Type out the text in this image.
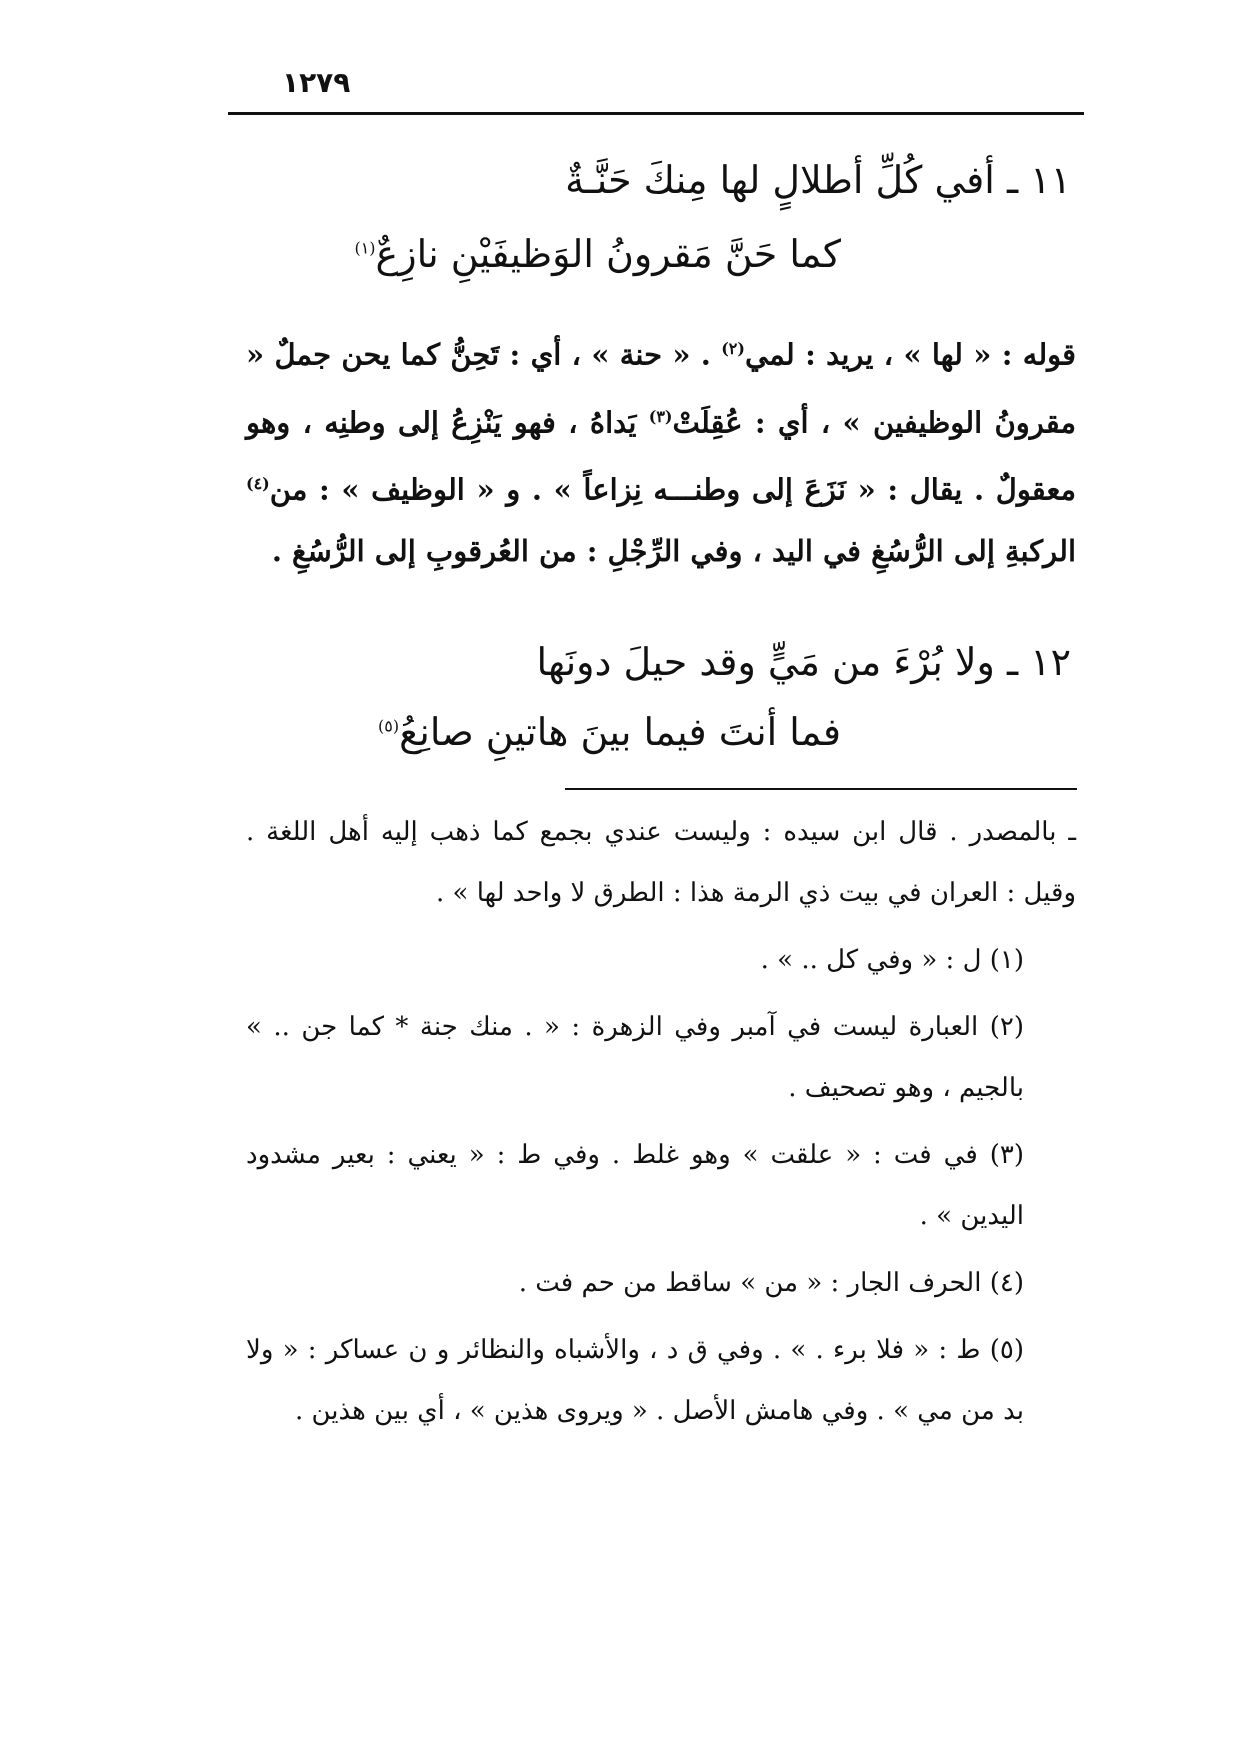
١٢٧٩
١١ ـ أفي كُلِّ أطلالٍ لها مِنكَ حَنَّـةٌ
كما حَنَّ مَقرونُ الوَظيفَيْنِ نازِعٌ$^{(١)}$

قوله : « لها » ، يريد : لمي$^{(٢)}$ . « حنة » ، أي : تَحِنُّ كما يحن جملٌ « مقرونُ الوظيفين » ، أي : عُقِلَتْ$^{(٣)}$ يَداهُ ، فهو يَنْزِعُ إلى وطنِه ، وهو معقولٌ . يقال : « نَزَعَ إلى وطنـــه نِزاعاً » . و « الوظيف » : من$^{(٤)}$ الركبةِ إلى الرُّسُغِ في اليد ، وفي الرِّجْلِ : من العُرقوبِ إلى الرُّسُغِ .

١٢ ـ ولا بُرْءَ من مَيٍّ وقد حيلَ دونَها
فما أنتَ فيما بينَ هاتينِ صانِعُ$^{(٥)}$

ـ بالمصدر . قال ابن سيده : وليست عندي بجمع كما ذهب إليه أهل اللغة . وقيل : العران في بيت ذي الرمة هذا : الطرق لا واحد لها » .

(١) ل : « وفي كل .. » .

(٢) العبارة ليست في آمبر وفي الزهرة : « . منك جنة * كما جن .. » بالجيم ، وهو تصحيف .

(٣) في فت : « علقت » وهو غلط . وفي ط : « يعني : بعير مشدود اليدين » .

(٤) الحرف الجار : « من » ساقط من حم فت .

(٥) ط : « فلا برء . » . وفي ق د ، والأشباه والنظائر و ن عساكر : « ولا بد من مي » . وفي هامش الأصل . « ويروى هذين » ، أي بين هذين .
